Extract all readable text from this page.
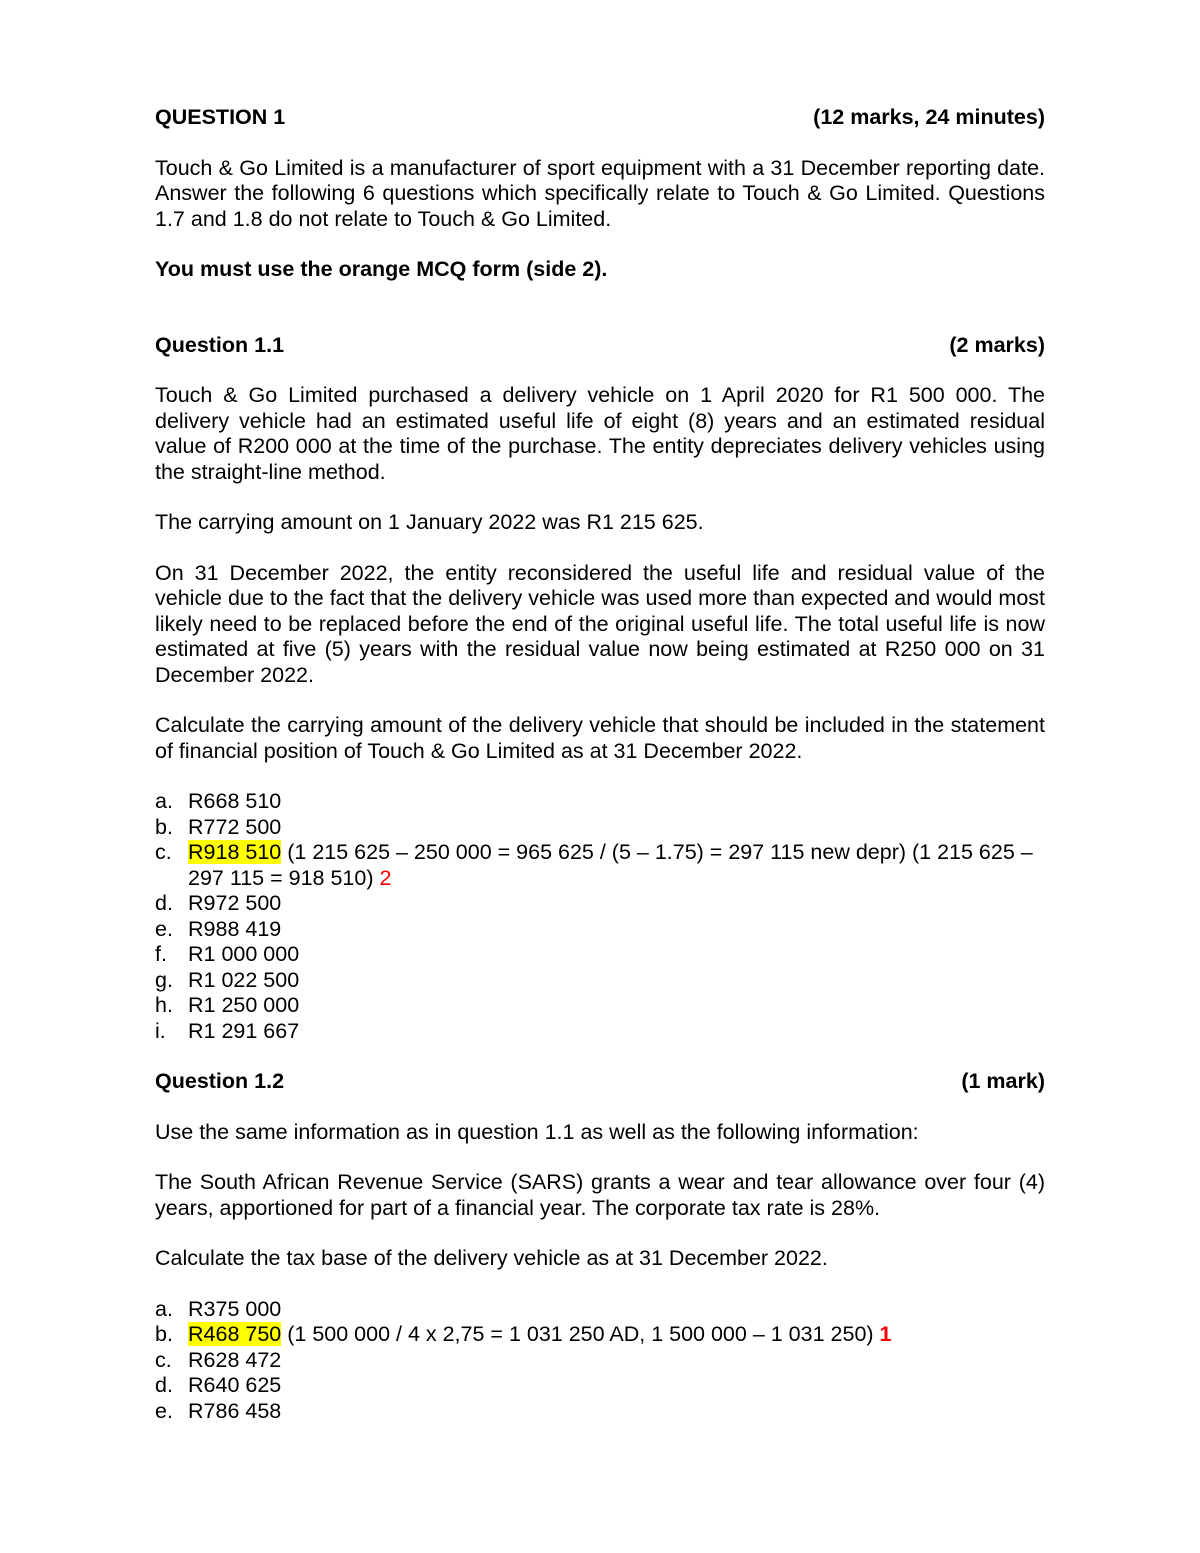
QUESTION 1	(12 marks, 24 minutes)

Touch & Go Limited is a manufacturer of sport equipment with a 31 December reporting date. Answer the following 6 questions which specifically relate to Touch & Go Limited. Questions 1.7 and 1.8 do not relate to Touch & Go Limited.

You must use the orange MCQ form (side 2).

Question 1.1	(2 marks)

Touch & Go Limited purchased a delivery vehicle on 1 April 2020 for R1 500 000. The delivery vehicle had an estimated useful life of eight (8) years and an estimated residual value of R200 000 at the time of the purchase. The entity depreciates delivery vehicles using the straight-line method.

The carrying amount on 1 January 2022 was R1 215 625.

On 31 December 2022, the entity reconsidered the useful life and residual value of the vehicle due to the fact that the delivery vehicle was used more than expected and would most likely need to be replaced before the end of the original useful life. The total useful life is now estimated at five (5) years with the residual value now being estimated at R250 000 on 31 December 2022.

Calculate the carrying amount of the delivery vehicle that should be included in the statement of financial position of Touch & Go Limited as at 31 December 2022.

a. R668 510
b. R772 500
c. R918 510 (1 215 625 – 250 000 = 965 625 / (5 – 1.75) = 297 115 new depr) (1 215 625 – 297 115 = 918 510) 2
d. R972 500
e. R988 419
f. R1 000 000
g. R1 022 500
h. R1 250 000
i.	R1 291 667
Question 1.2	(1 mark)

Use the same information as in question 1.1 as well as the following information:

The South African Revenue Service (SARS) grants a wear and tear allowance over four (4) years, apportioned for part of a financial year. The corporate tax rate is 28%.

Calculate the tax base of the delivery vehicle as at 31 December 2022.

a. R375 000
b. R468 750 (1 500 000 / 4 x 2,75 = 1 031 250 AD, 1 500 000 – 1 031 250) 1
c. R628 472
d. R640 625
e. R786 458
